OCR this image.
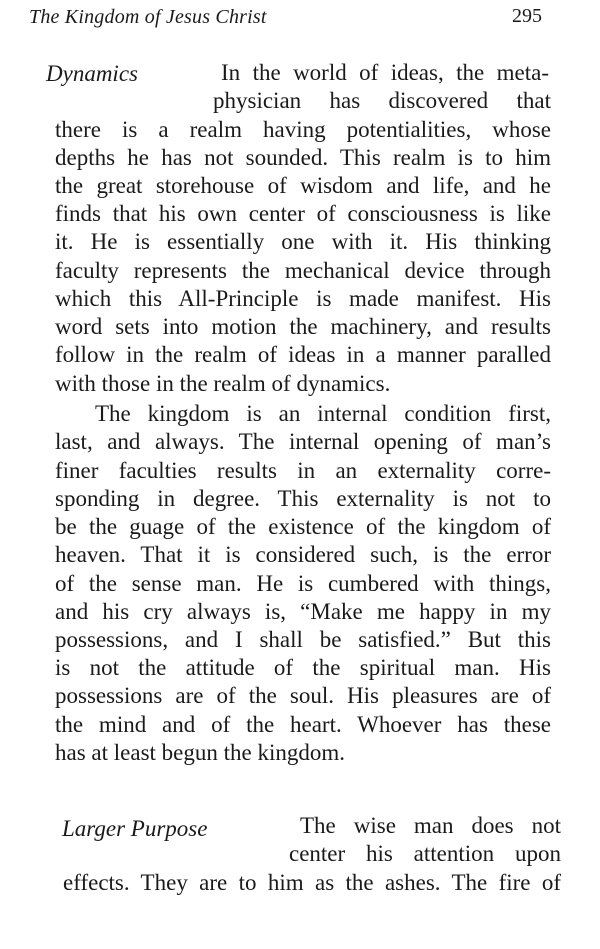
The Kingdom of Jesus Christ	295
Dynamics	In the world of ideas, the meta-
physician has discovered that
there is a realm having potentialities, whose
depths he has not sounded. This realm is to him
the great storehouse of wisdom and life, and he
finds that his own center of consciousness is like
it. He is essentially one with it. His thinking
faculty represents the mechanical device through
which this All-Principle is made manifest. His
word sets into motion the machinery, and results
follow in the realm of ideas in a manner paralled
with those in the realm of dynamics.
The kingdom is an internal condition first,
last, and always. The internal opening of man’s
finer faculties results in an externality corre-
sponding in degree. This externality is not to
be the guage of the existence of the kingdom of
heaven. That it is considered such, is the error
of the sense man. He is cumbered with things,
and his cry always is, “Make me happy in my
possessions, and I shall be satisfied.” But this
is not the attitude of the spiritual man. His
possessions are of the soul. His pleasures are of
the mind and of the heart. Whoever has these
has at least begun the kingdom.
Larger Purpose	The wise man does not
center his attention upon
effects. They are to him as the ashes. The fire of
